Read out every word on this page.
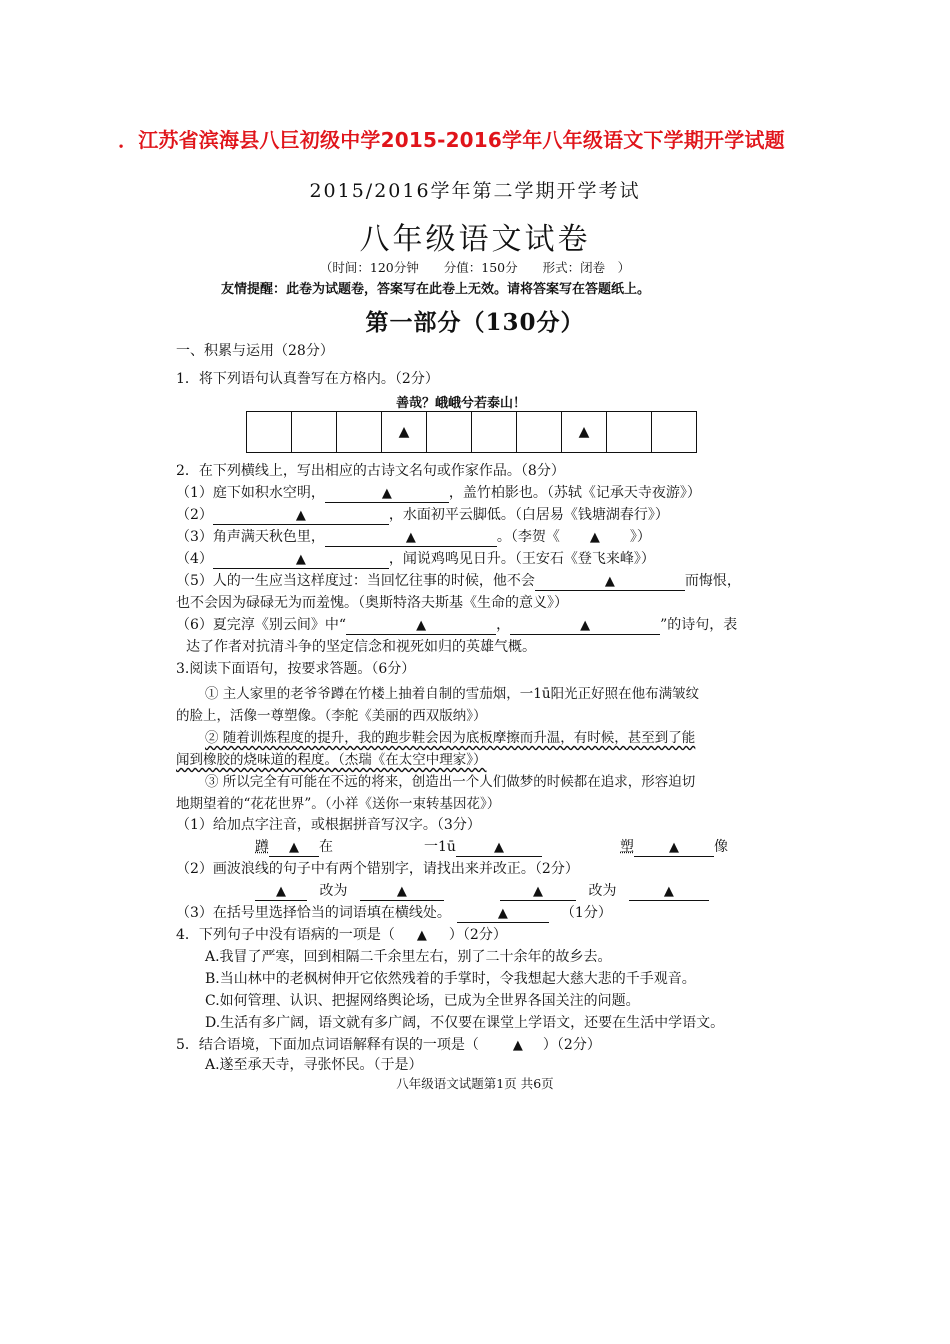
．江苏省滨海县八巨初级中学2015-2016学年八年级语文下学期开学试题
2015/2016学年第二学期开学考试
八年级语文试卷
（时间：120分钟　　分值：150分　　形式：闭卷　）
友情提醒：此卷为试题卷，答案写在此卷上无效。请将答案写在答题纸上。
第一部分（130分）
一、积累与运用（28分）
1．将下列语句认真誊写在方格内。（2分）
善哉？峨峨兮若泰山！
▲	▲
2．在下列横线上，写出相应的古诗文名句或作家作品。（8分）
（1）庭下如积水空明，	▲	，盖竹柏影也。（苏轼《记承天寺夜游》）
（2）	▲	，水面初平云脚低。（白居易《钱塘湖春行》）
（3）角声满天秋色里，	▲	。（李贺《 ▲ 》）
（4）	▲	，闻说鸡鸣见日升。（王安石《登飞来峰》）
（5）人的一生应当这样度过：当回忆往事的时候，他不会	▲	而悔恨，
也不会因为碌碌无为而羞愧。（奥斯特洛夫斯基《生命的意义》）
（6）夏完淳《别云间》中“	▲	，	▲	”的诗句，表
达了作者对抗清斗争的坚定信念和视死如归的英雄气概。
3.阅读下面语句，按要求答题。（6分）
① 主人家里的老爷爷蹲在竹楼上抽着自制的雪茄烟，一1ū阳光正好照在他布满皱纹
的脸上，活像一尊塑像。（李舵《美丽的西双版纳》）
② 随着训炼程度的提升，我的跑步鞋会因为底板摩擦而升温，有时候，甚至到了能
闻到橡胶的烧味道的程度。（杰瑞《在太空中理家》）
③ 所以完全有可能在不远的将来，创造出一个人们做梦的时候都在追求，形容迫切
地期望着的“花花世界”。（小祥《送你一束转基因花》）
（1）给加点字注音，或根据拼音写汉字。（3分）
蹲 ▲ 在	一1ū	▲	塑	▲	像
（2）画波浪线的句子中有两个错别字，请找出来并改正。（2分）
▲ 改为	▲	▲	改为	▲
（3）在括号里选择恰当的词语填在横线处。	▲	（1分）
4．下列句子中没有语病的一项是（　▲　）（2分）
A.我冒了严寒，回到相隔二千余里左右，别了二十余年的故乡去。
B.当山林中的老枫树伸开它依然残着的手掌时，令我想起大慈大悲的千手观音。
C.如何管理、认识、把握网络舆论场，已成为全世界各国关注的问题。
D.生活有多广阔，语文就有多广阔，不仅要在课堂上学语文，还要在生活中学语文。
5．结合语境，下面加点词语解释有误的一项是（　　▲　）（2分）
A.遂至承天寺，寻张怀民。（于是）
八年级语文试题第1页 共6页
